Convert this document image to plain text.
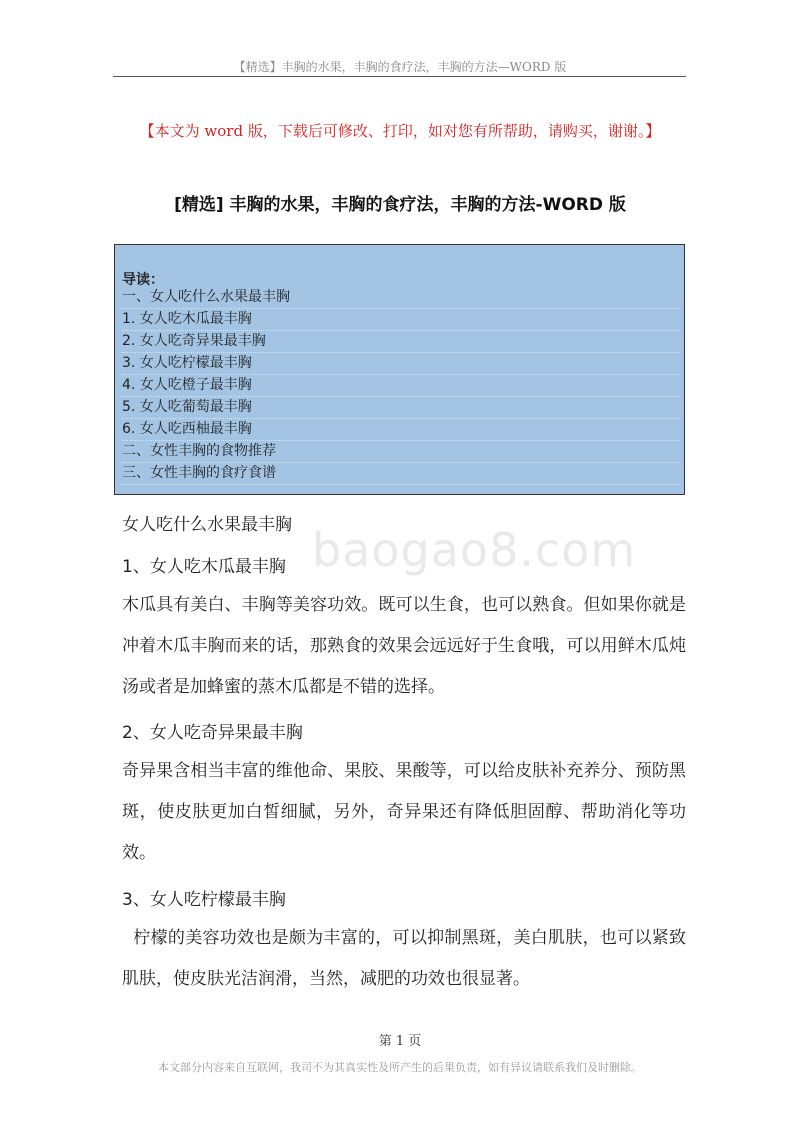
【精选】丰胸的水果，丰胸的食疗法，丰胸的方法—WORD 版
【本文为 word 版，下载后可修改、打印，如对您有所帮助，请购买，谢谢。】
[精选] 丰胸的水果，丰胸的食疗法，丰胸的方法-WORD 版
导读：
一、女人吃什么水果最丰胸
1. 女人吃木瓜最丰胸
2. 女人吃奇异果最丰胸
3. 女人吃柠檬最丰胸
4. 女人吃橙子最丰胸
5. 女人吃葡萄最丰胸
6. 女人吃西柚最丰胸
二、女性丰胸的食物推荐
三、女性丰胸的食疗食谱
baogao8.com
女人吃什么水果最丰胸
1、女人吃木瓜最丰胸
木瓜具有美白、丰胸等美容功效。既可以生食，也可以熟食。但如果你就是冲着木瓜丰胸而来的话，那熟食的效果会远远好于生食哦，可以用鲜木瓜炖汤或者是加蜂蜜的蒸木瓜都是不错的选择。
2、女人吃奇异果最丰胸
奇异果含相当丰富的维他命、果胶、果酸等，可以给皮肤补充养分、预防黑斑，使皮肤更加白皙细腻，另外，奇异果还有降低胆固醇、帮助消化等功效。
3、女人吃柠檬最丰胸
柠檬的美容功效也是颇为丰富的，可以抑制黑斑，美白肌肤，也可以紧致肌肤，使皮肤光洁润滑，当然，减肥的功效也很显著。
第 1 页
本文部分内容来自互联网，我司不为其真实性及所产生的后果负责，如有异议请联系我们及时删除。
